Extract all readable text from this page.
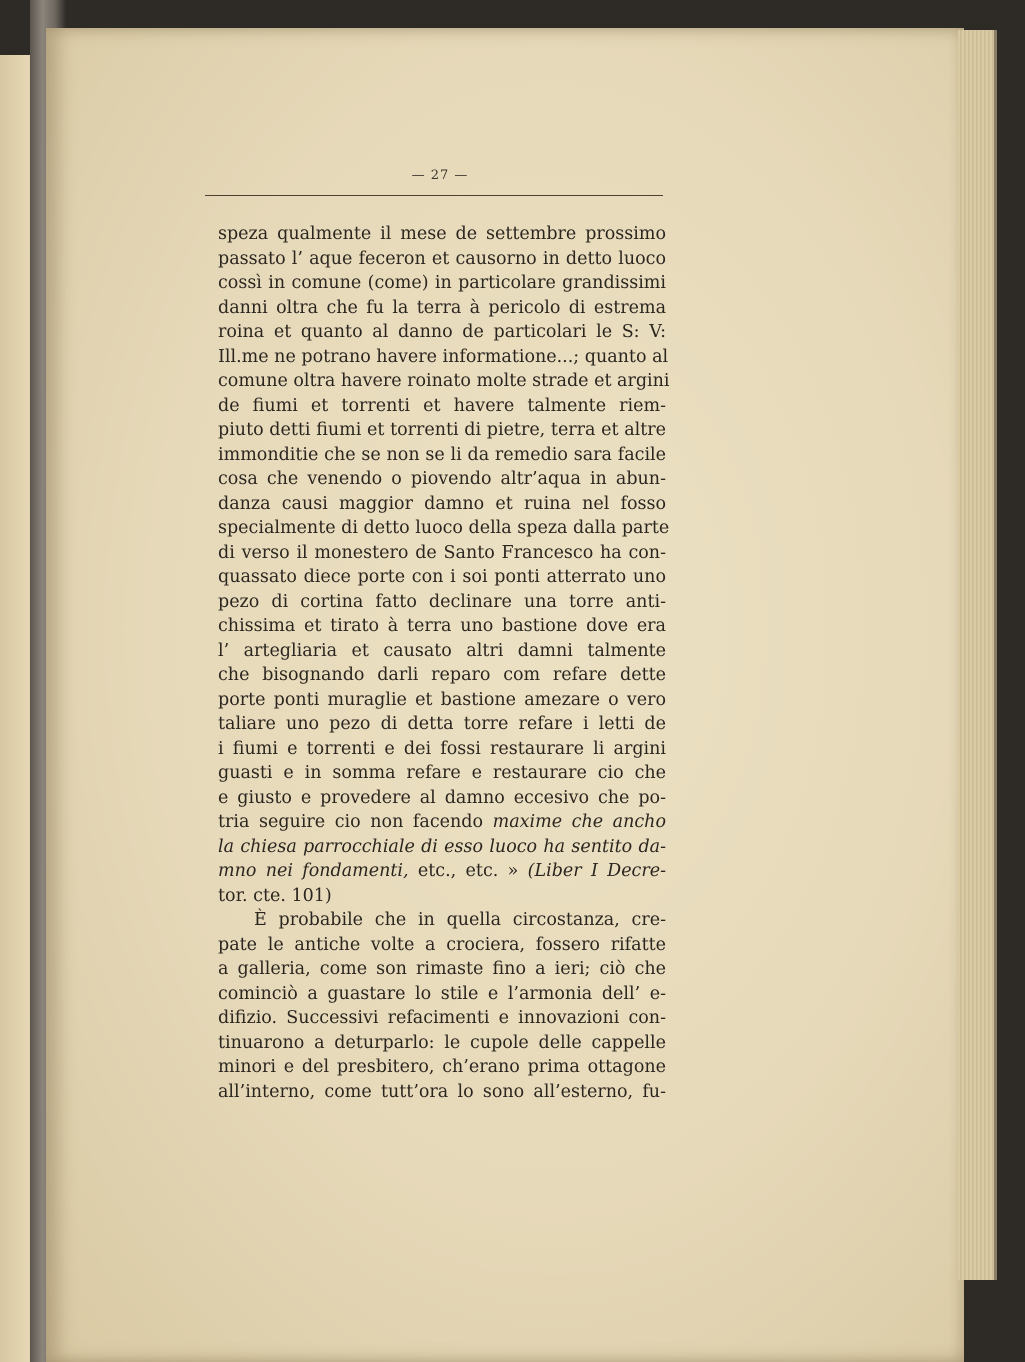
— 27 —
speza qualmente il mese de settembre prossimo
passato l’ aque feceron et causorno in detto luoco
cossì in comune (come) in particolare grandissimi
danni oltra che fu la terra à pericolo di estrema
roina et quanto al danno de particolari le S: V:
Ill.me ne potrano havere informatione...; quanto al
comune oltra havere roinato molte strade et argini
de fiumi et torrenti et havere talmente riem-
piuto detti fiumi et torrenti di pietre, terra et altre
immonditie che se non se li da remedio sara facile
cosa che venendo o piovendo altr’aqua in abun-
danza causi maggior damno et ruina nel fosso
specialmente di detto luoco della speza dalla parte
di verso il monestero de Santo Francesco ha con-
quassato diece porte con i soi ponti atterrato uno
pezo di cortina fatto declinare una torre anti-
chissima et tirato à terra uno bastione dove era
l’ artegliaria et causato altri damni talmente
che bisognando darli reparo com refare dette
porte ponti muraglie et bastione amezare o vero
taliare uno pezo di detta torre refare i letti de
i fiumi e torrenti e dei fossi restaurare li argini
guasti e in somma refare e restaurare cio che
e giusto e provedere al damno eccesivo che po-
tria seguire cio non facendo maxime che ancho
la chiesa parrocchiale di esso luoco ha sentito da-
mno nei fondamenti, etc., etc. » (Liber I Decre-
tor. cte. 101)
È probabile che in quella circostanza, cre-
pate le antiche volte a crociera, fossero rifatte
a galleria, come son rimaste fino a ieri; ciò che
cominciò a guastare lo stile e l’armonia dell’ e-
difizio. Successivi refacimenti e innovazioni con-
tinuarono a deturparlo: le cupole delle cappelle
minori e del presbitero, ch’erano prima ottagone
all’interno, come tutt’ora lo sono all’esterno, fu-
